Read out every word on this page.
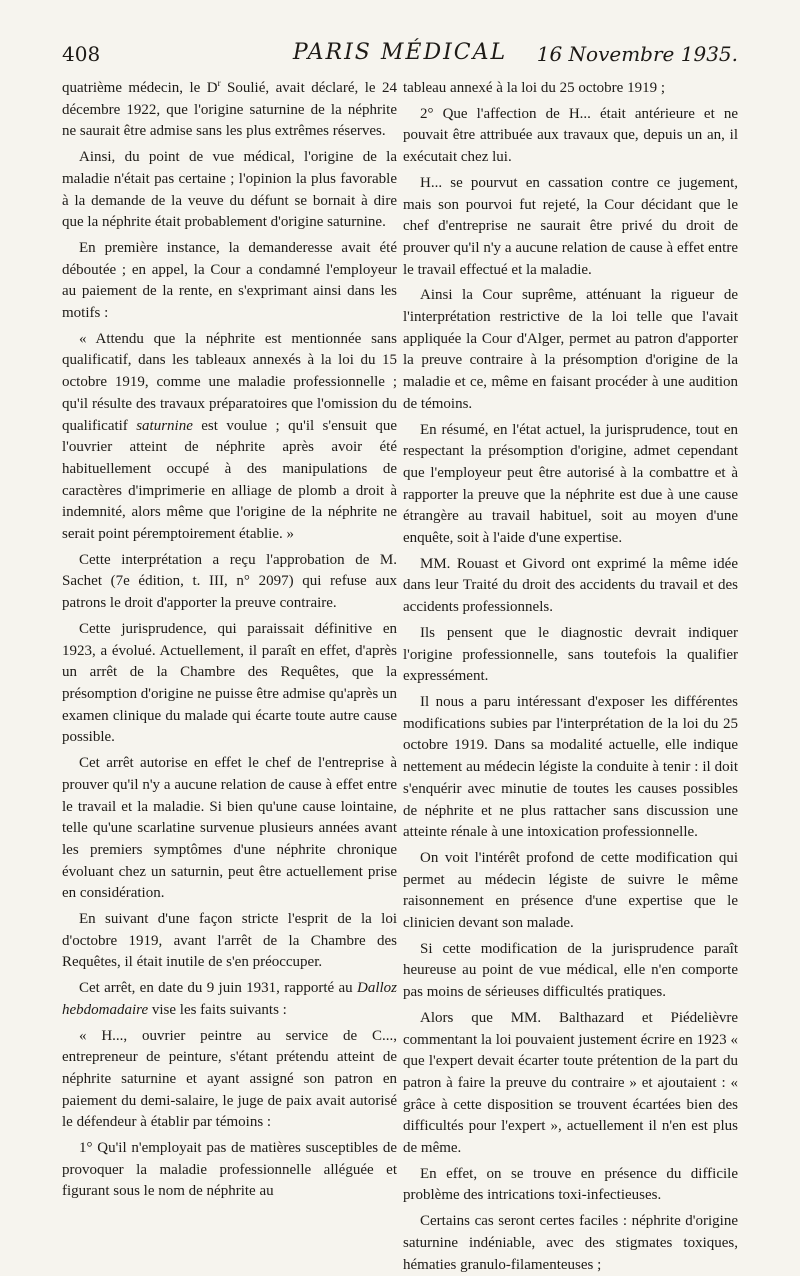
408	PARIS MÉDICAL	16 Novembre 1935.

quatrième médecin, le $D^r$ Soulié, avait déclaré, le 24 décembre 1922, que l'origine saturnine de la néphrite ne saurait être admise sans les plus extrêmes réserves.

Ainsi, du point de vue médical, l'origine de la maladie n'était pas certaine ; l'opinion la plus favorable à la demande de la veuve du défunt se bornait à dire que la néphrite était probablement d'origine saturnine.

En première instance, la demanderesse avait été déboutée ; en appel, la Cour a condamné l'employeur au paiement de la rente, en s'exprimant ainsi dans les motifs :

« Attendu que la néphrite est mentionnée sans qualificatif, dans les tableaux annexés à la loi du 15 octobre 1919, comme une maladie professionnelle ; qu'il résulte des travaux préparatoires que l'omission du qualificatif saturnine est voulue ; qu'il s'ensuit que l'ouvrier atteint de néphrite après avoir été habituellement occupé à des manipulations de caractères d'imprimerie en alliage de plomb a droit à indemnité, alors même que l'origine de la néphrite ne serait point péremptoirement établie. »

Cette interprétation a reçu l'approbation de M. Sachet (7e édition, t. III, n° 2097) qui refuse aux patrons le droit d'apporter la preuve contraire.

Cette jurisprudence, qui paraissait définitive en 1923, a évolué. Actuellement, il paraît en effet, d'après un arrêt de la Chambre des Requêtes, que la présomption d'origine ne puisse être admise qu'après un examen clinique du malade qui écarte toute autre cause possible.

Cet arrêt autorise en effet le chef de l'entreprise à prouver qu'il n'y a aucune relation de cause à effet entre le travail et la maladie. Si bien qu'une cause lointaine, telle qu'une scarlatine survenue plusieurs années avant les premiers symptômes d'une néphrite chronique évoluant chez un saturnin, peut être actuellement prise en considération.

En suivant d'une façon stricte l'esprit de la loi d'octobre 1919, avant l'arrêt de la Chambre des Requêtes, il était inutile de s'en préoccuper.

Cet arrêt, en date du 9 juin 1931, rapporté au Dalloz hebdomadaire vise les faits suivants :

« H..., ouvrier peintre au service de C..., entrepreneur de peinture, s'étant prétendu atteint de néphrite saturnine et ayant assigné son patron en paiement du demi-salaire, le juge de paix avait autorisé le défendeur à établir par témoins :

1° Qu'il n'employait pas de matières susceptibles de provoquer la maladie professionnelle alléguée et figurant sous le nom de néphrite au

tableau annexé à la loi du 25 octobre 1919 ;

2° Que l'affection de H... était antérieure et ne pouvait être attribuée aux travaux que, depuis un an, il exécutait chez lui.

H... se pourvut en cassation contre ce jugement, mais son pourvoi fut rejeté, la Cour décidant que le chef d'entreprise ne saurait être privé du droit de prouver qu'il n'y a aucune relation de cause à effet entre le travail effectué et la maladie.

Ainsi la Cour suprême, atténuant la rigueur de l'interprétation restrictive de la loi telle que l'avait appliquée la Cour d'Alger, permet au patron d'apporter la preuve contraire à la présomption d'origine de la maladie et ce, même en faisant procéder à une audition de témoins.

En résumé, en l'état actuel, la jurisprudence, tout en respectant la présomption d'origine, admet cependant que l'employeur peut être autorisé à la combattre et à rapporter la preuve que la néphrite est due à une cause étrangère au travail habituel, soit au moyen d'une enquête, soit à l'aide d'une expertise.

MM. Rouast et Givord ont exprimé la même idée dans leur Traité du droit des accidents du travail et des accidents professionnels.

Ils pensent que le diagnostic devrait indiquer l'origine professionnelle, sans toutefois la qualifier expressément.

Il nous a paru intéressant d'exposer les différentes modifications subies par l'interprétation de la loi du 25 octobre 1919. Dans sa modalité actuelle, elle indique nettement au médecin légiste la conduite à tenir : il doit s'enquérir avec minutie de toutes les causes possibles de néphrite et ne plus rattacher sans discussion une atteinte rénale à une intoxication professionnelle.

On voit l'intérêt profond de cette modification qui permet au médecin légiste de suivre le même raisonnement en présence d'une expertise que le clinicien devant son malade.

Si cette modification de la jurisprudence paraît heureuse au point de vue médical, elle n'en comporte pas moins de sérieuses difficultés pratiques.

Alors que MM. Balthazard et Piédelièvre commentant la loi pouvaient justement écrire en 1923 « que l'expert devait écarter toute prétention de la part du patron à faire la preuve du contraire » et ajoutaient : « grâce à cette disposition se trouvent écartées bien des difficultés pour l'expert », actuellement il n'en est plus de même.

En effet, on se trouve en présence du difficile problème des intrications toxi-infectieuses.

Certains cas seront certes faciles : néphrite d'origine saturnine indéniable, avec des stigmates toxiques, hématies granulo-filamenteuses ;
